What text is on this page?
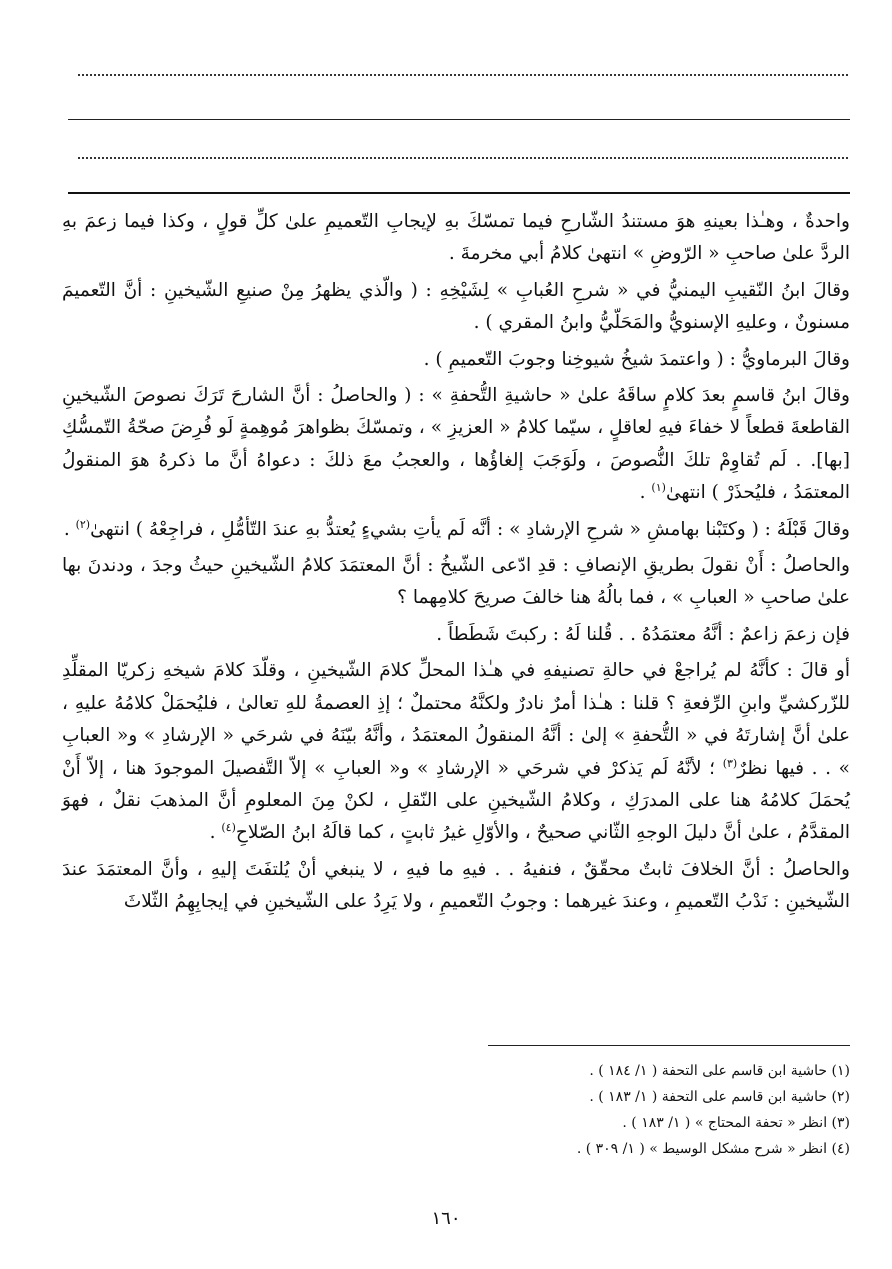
واحدةٌ ، وهـٰذا بعينهِ هوَ مستندُ الشّارحِ فيما تمسّكَ بهِ لإيجابِ التّعميمِ علىٰ كلِّ قولٍ ، وكذا فيما زعمَ بهِ الردَّ علىٰ صاحبِ « الرّوضِ » انتهىٰ كلامُ أبي مخرمةَ .

وقالَ ابنُ النّقيبِ اليمنيُّ في « شرحِ العُبابِ » لِشَيْخِهِ : ( والّذي يظهرُ مِنْ صنيعِ الشّيخينِ : أنَّ التّعميمَ مسنونٌ ، وعليهِ الإسنويُّ والمَحَلّيُّ وابنُ المقري ) .

وقالَ البرماويُّ : ( واعتمدَ شيخُ شيوخِنا وجوبَ التّعميمِ ) .

وقالَ ابنُ قاسمٍ بعدَ كلامٍ ساقَهُ علىٰ « حاشيةِ التُّحفةِ » : ( والحاصلُ : أنَّ الشارحَ تَرَكَ نصوصَ الشّيخينِ القاطعةَ قطعاً لا خفاءَ فيهِ لعاقلٍ ، سيّما كلامُ « العزيزِ » ، وتمسّكَ بظواهرَ مُوهِمةٍ لَو فُرِضَ صحّةُ التّمسُّكِ [بها]. . لَم تُقاوِمْ تلكَ النُّصوصَ ، ولَوَجَبَ إلغاؤُها ، والعجبُ معَ ذلكَ : دعواهُ أنَّ ما ذكرهُ هوَ المنقولُ المعتمَدُ ، فليُحذَرْ ) انتهىٰ$^{(١)}$ .

وقالَ قَبْلَهُ : ( وكتَبْنا بهامشِ « شرحِ الإرشادِ » : أنَّه لَم يأتِ بشيءٍ يُعتدُّ بهِ عندَ التّأمُّلِ ، فراجِعْهُ ) انتهىٰ$^{(٢)}$ .

والحاصلُ : أَنْ نقولَ بطريقِ الإنصافِ : قدِ ادّعى الشّيخُ : أنَّ المعتمَدَ كلامُ الشّيخينِ حيثُ وجدَ ، ودندنَ بها علىٰ صاحبِ « العبابِ » ، فما بالُهُ هنا خالفَ صريحَ كلامِهما ؟

فإن زعمَ زاعمٌ : أنَّهُ معتمَدُهُ . . قُلنا لَهُ : ركبتَ شَطَطاً .

أو قالَ : كأنَّهُ لم يُراجعْ في حالةِ تصنيفهِ في هـٰذا المحلِّ كلامَ الشّيخينِ ، وقلّدَ كلامَ شيخهِ زكريّا المقلِّدِ للزّركشيِّ وابنِ الرِّفعةِ ؟ قلنا : هـٰذا أمرٌ نادرٌ ولكنَّهُ محتملٌ ؛ إذِ العصمةُ للهِ تعالىٰ ، فليُحمَلْ كلامُهُ عليهِ ، علىٰ أنَّ إشارتَهُ في « التُّحفةِ » إلىٰ : أنَّهُ المنقولُ المعتمَدُ ، وأنَّهُ بيّنَهُ في شرحَي « الإرشادِ » و« العبابِ » . . فيها نظرٌ$^{(٣)}$ ؛ لأنَّهُ لَم يَذكرْ في شرحَي « الإرشادِ » و« العبابِ » إلاّ التَّفصيلَ الموجودَ هنا ، إلاّ أَنْ يُحمَلَ كلامُهُ هنا على المدرَكِ ، وكلامُ الشّيخينِ على النّقلِ ، لكنْ مِنَ المعلومِ أنَّ المذهبَ نقلٌ ، فهوَ المقدَّمُ ، علىٰ أنَّ دليلَ الوجهِ الثّاني صحيحٌ ، والأوّلِ غيرُ ثابتٍ ، كما قالَهُ ابنُ الصّلاحِ$^{(٤)}$ .

والحاصلُ : أنَّ الخلافَ ثابتٌ محقّقٌ ، فنفيهُ . . فيهِ ما فيهِ ، لا ينبغي أنْ يُلتفَتَ إليهِ ، وأنَّ المعتمَدَ عندَ الشّيخينِ : نَدْبُ التّعميمِ ، وعندَ غيرهما : وجوبُ التّعميمِ ، ولا يَرِدُ على الشّيخينِ في إيجابِهِمُ الثّلاثَ

(١) حاشية ابن قاسم على التحفة ( ١/ ١٨٤ ) .
(٢) حاشية ابن قاسم على التحفة ( ١/ ١٨٣ ) .
(٣) انظر « تحفة المحتاج » ( ١/ ١٨٣ ) .
(٤) انظر « شرح مشكل الوسيط » ( ١/ ٣٠٩ ) .
١٦٠
